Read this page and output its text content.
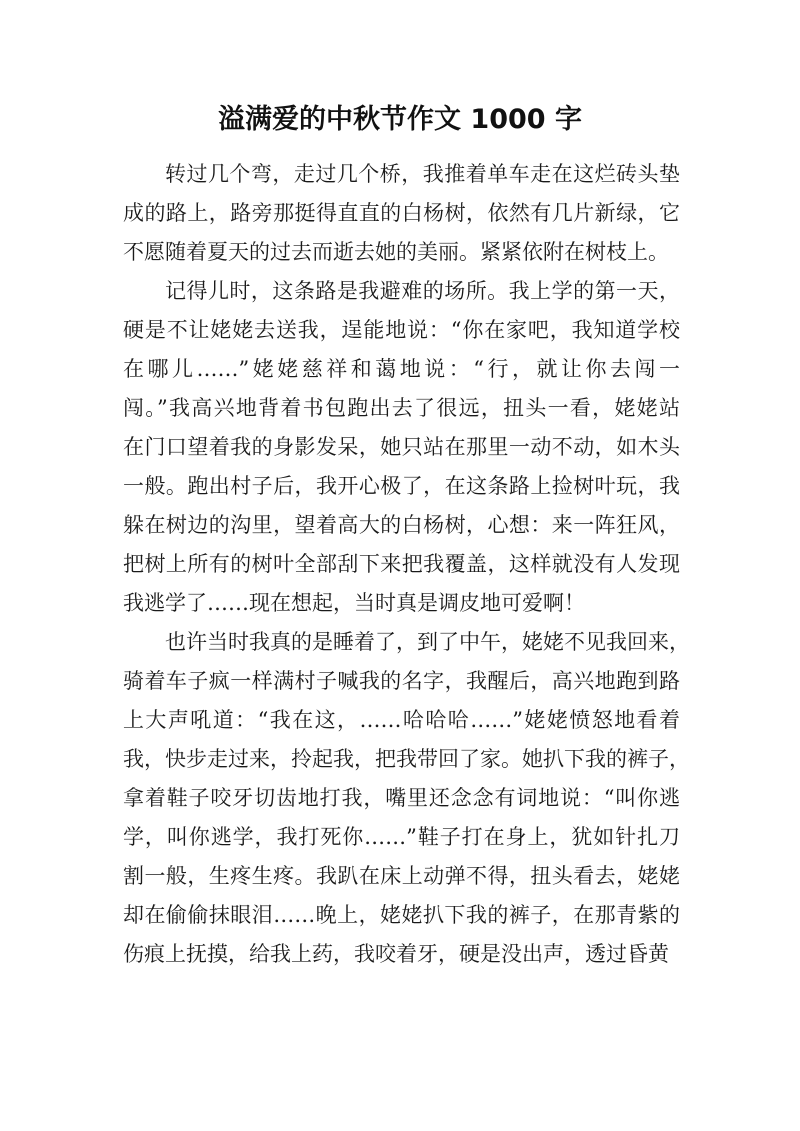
溢满爱的中秋节作文 1000 字
转过几个弯，走过几个桥，我推着单车走在这烂砖头垫
成的路上，路旁那挺得直直的白杨树，依然有几片新绿，它
不愿随着夏天的过去而逝去她的美丽。紧紧依附在树枝上。
记得儿时，这条路是我避难的场所。我上学的第一天，
硬是不让姥姥去送我，逞能地说：“你在家吧，我知道学校
在哪儿……”姥姥慈祥和蔼地说：“行，就让你去闯一
闯。”我高兴地背着书包跑出去了很远，扭头一看，姥姥站
在门口望着我的身影发呆，她只站在那里一动不动，如木头
一般。跑出村子后，我开心极了，在这条路上捡树叶玩，我
躲在树边的沟里，望着高大的白杨树，心想：来一阵狂风，
把树上所有的树叶全部刮下来把我覆盖，这样就没有人发现
我逃学了……现在想起，当时真是调皮地可爱啊！
也许当时我真的是睡着了，到了中午，姥姥不见我回来，
骑着车子疯一样满村子喊我的名字，我醒后，高兴地跑到路
上大声吼道：“我在这，……哈哈哈……”姥姥愤怒地看着
我，快步走过来，拎起我，把我带回了家。她扒下我的裤子，
拿着鞋子咬牙切齿地打我，嘴里还念念有词地说：“叫你逃
学，叫你逃学，我打死你……”鞋子打在身上，犹如针扎刀
割一般，生疼生疼。我趴在床上动弹不得，扭头看去，姥姥
却在偷偷抹眼泪……晚上，姥姥扒下我的裤子，在那青紫的
伤痕上抚摸，给我上药，我咬着牙，硬是没出声，透过昏黄
